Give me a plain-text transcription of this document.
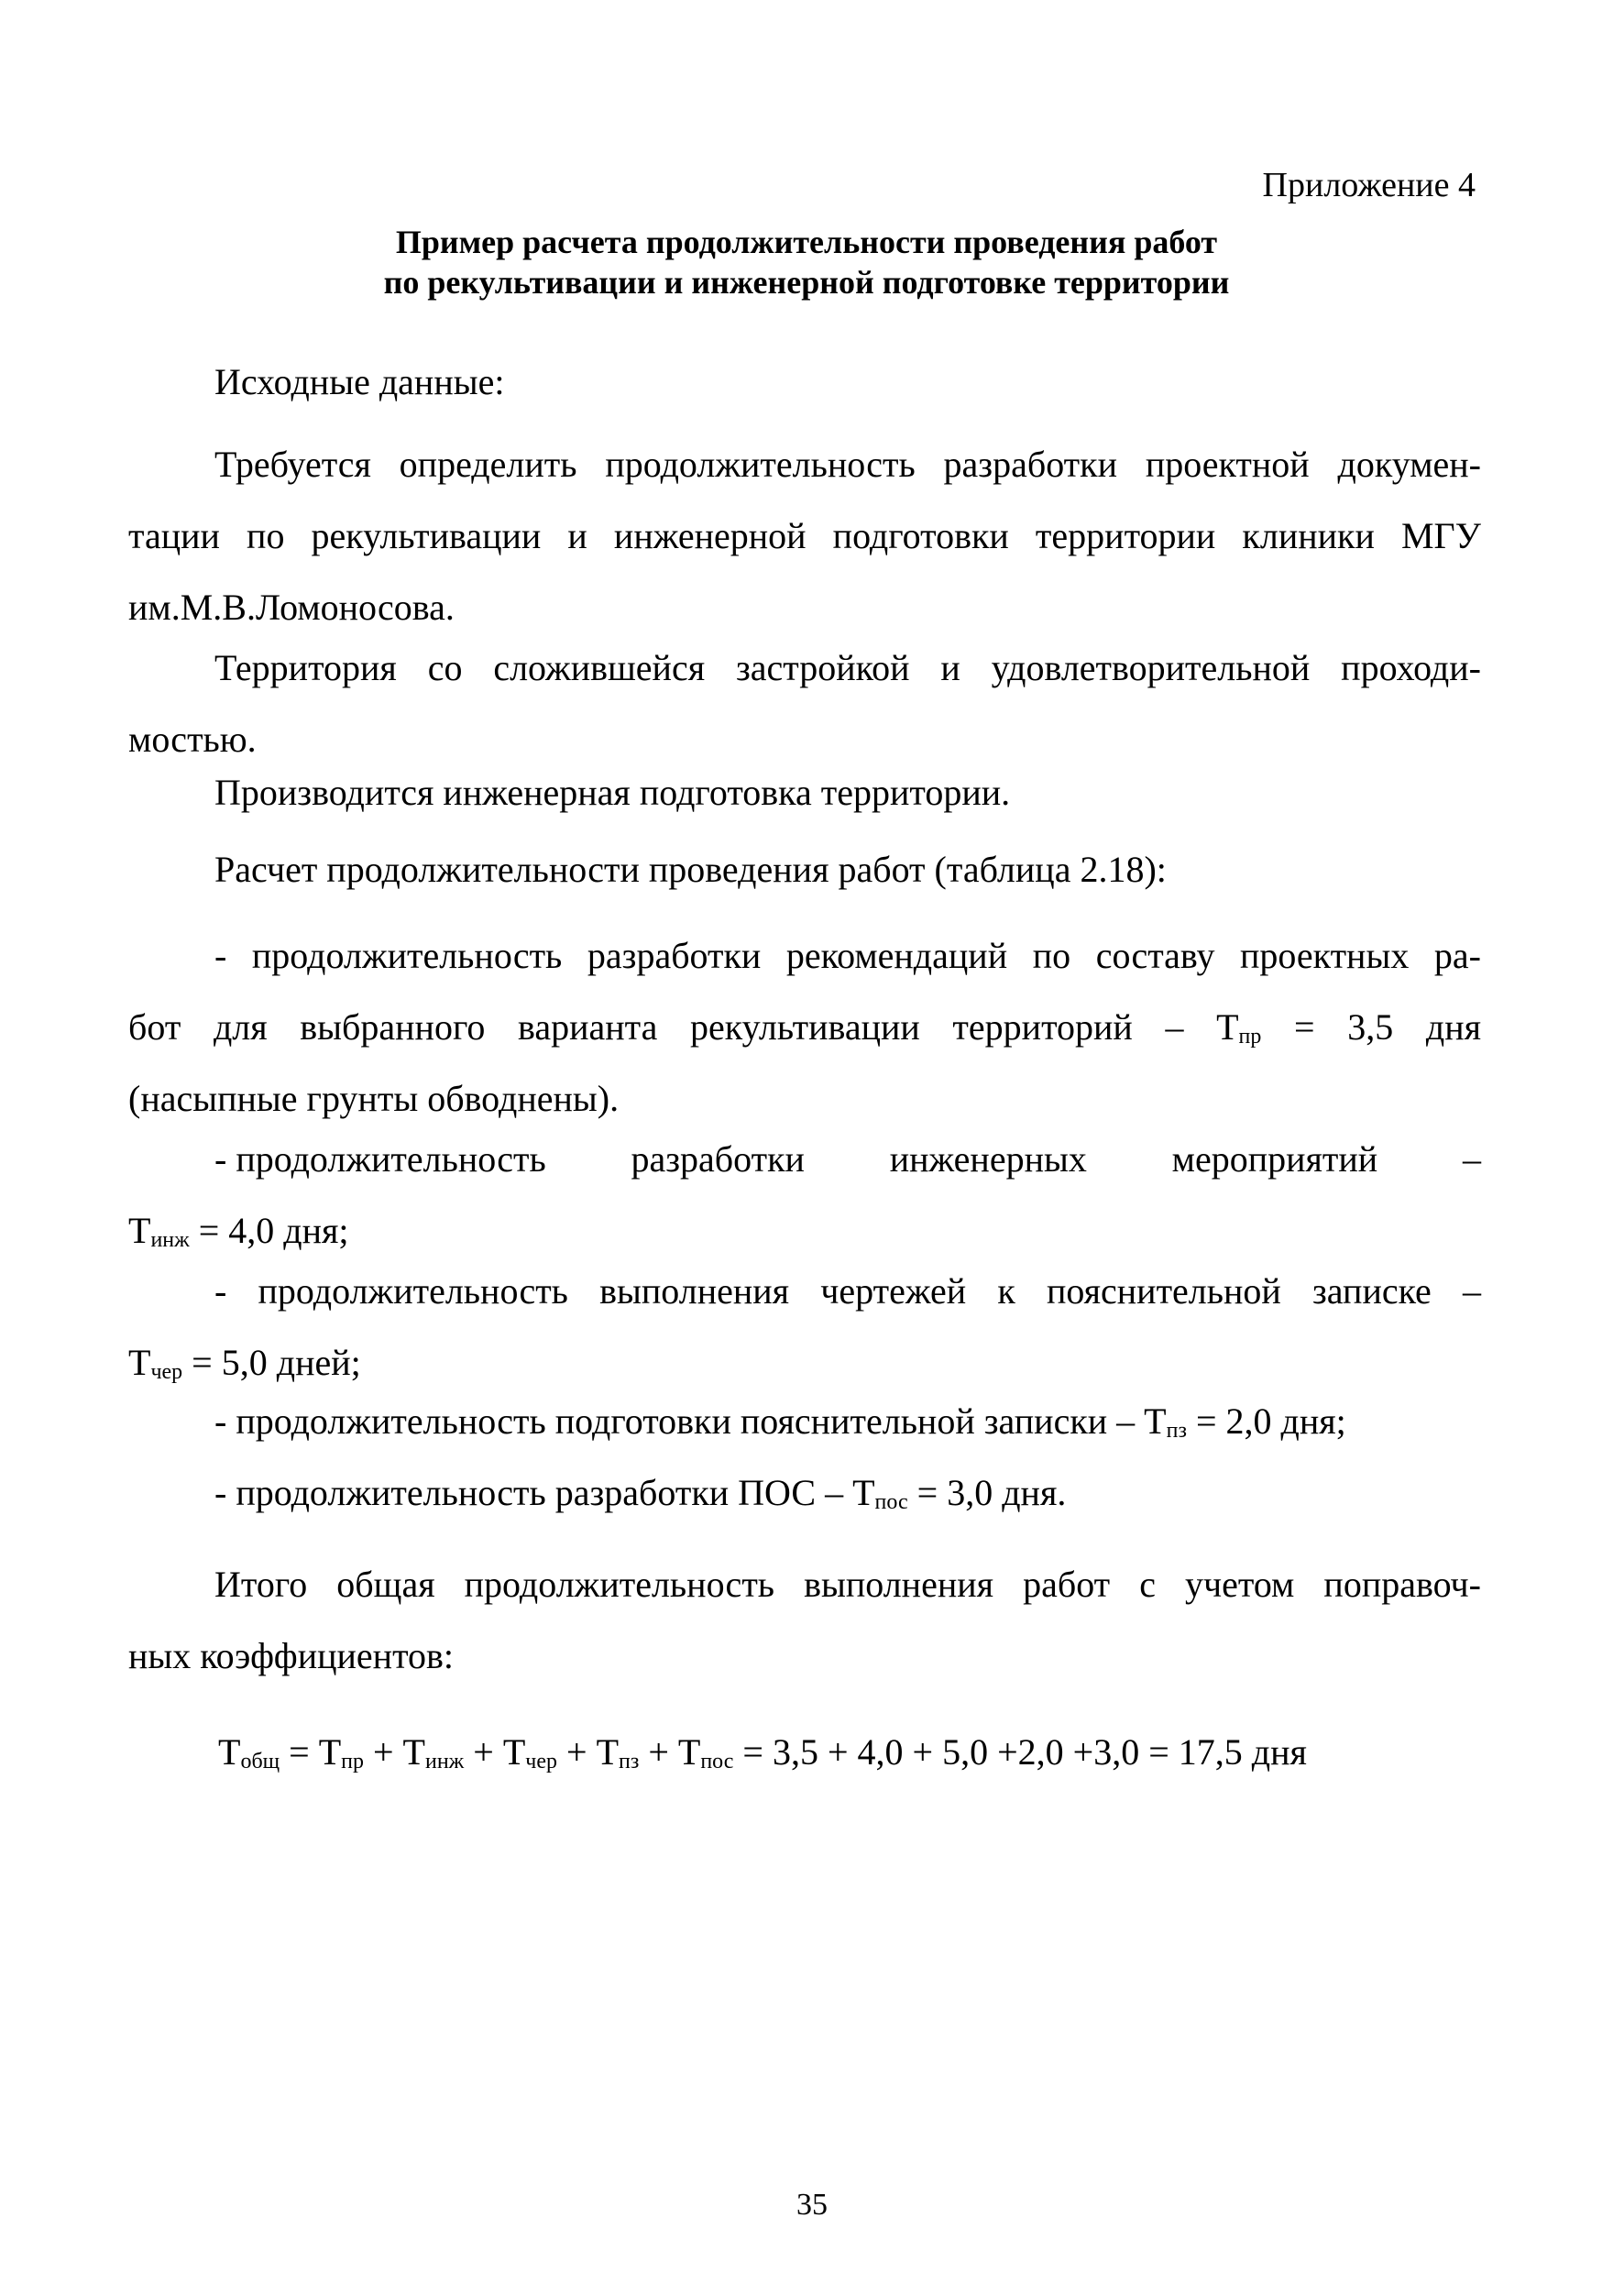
Приложение 4
Пример расчета продолжительности проведения работ
по рекультивации и инженерной подготовке территории
Исходные данные:
Требуется определить продолжительность разработки проектной докумен-
тации по рекультивации и инженерной подготовки территории клиники МГУ
им.М.В.Ломоносова.
Территория со сложившейся застройкой и удовлетворительной проходи-
мостью.
Производится инженерная подготовка территории.
Расчет продолжительности проведения работ (таблица 2.18):
- продолжительность разработки рекомендаций по составу проектных ра-
бот для выбранного варианта рекультивации территорий – $Т_{пр} = 3,5$ дня
(насыпные грунты обводнены).
- продолжительность разработки инженерных мероприятий –
$Т_{инж} = 4,0$ дня;
- продолжительность выполнения чертежей к пояснительной записке –
$Т_{чер} = 5,0$ дней;
- продолжительность подготовки пояснительной записки – $Т_{пз} = 2,0$ дня;
- продолжительность разработки ПОС – $Т_{пос} = 3,0$ дня.
Итого общая продолжительность выполнения работ с учетом поправоч-
ных коэффициентов:
$Т_{общ} = Т_{пр} + Т_{инж} + Т_{чер} + Т_{пз} + Т_{пос} = 3,5 + 4,0 + 5,0 +2,0 +3,0 = 17,5$ дня
35
